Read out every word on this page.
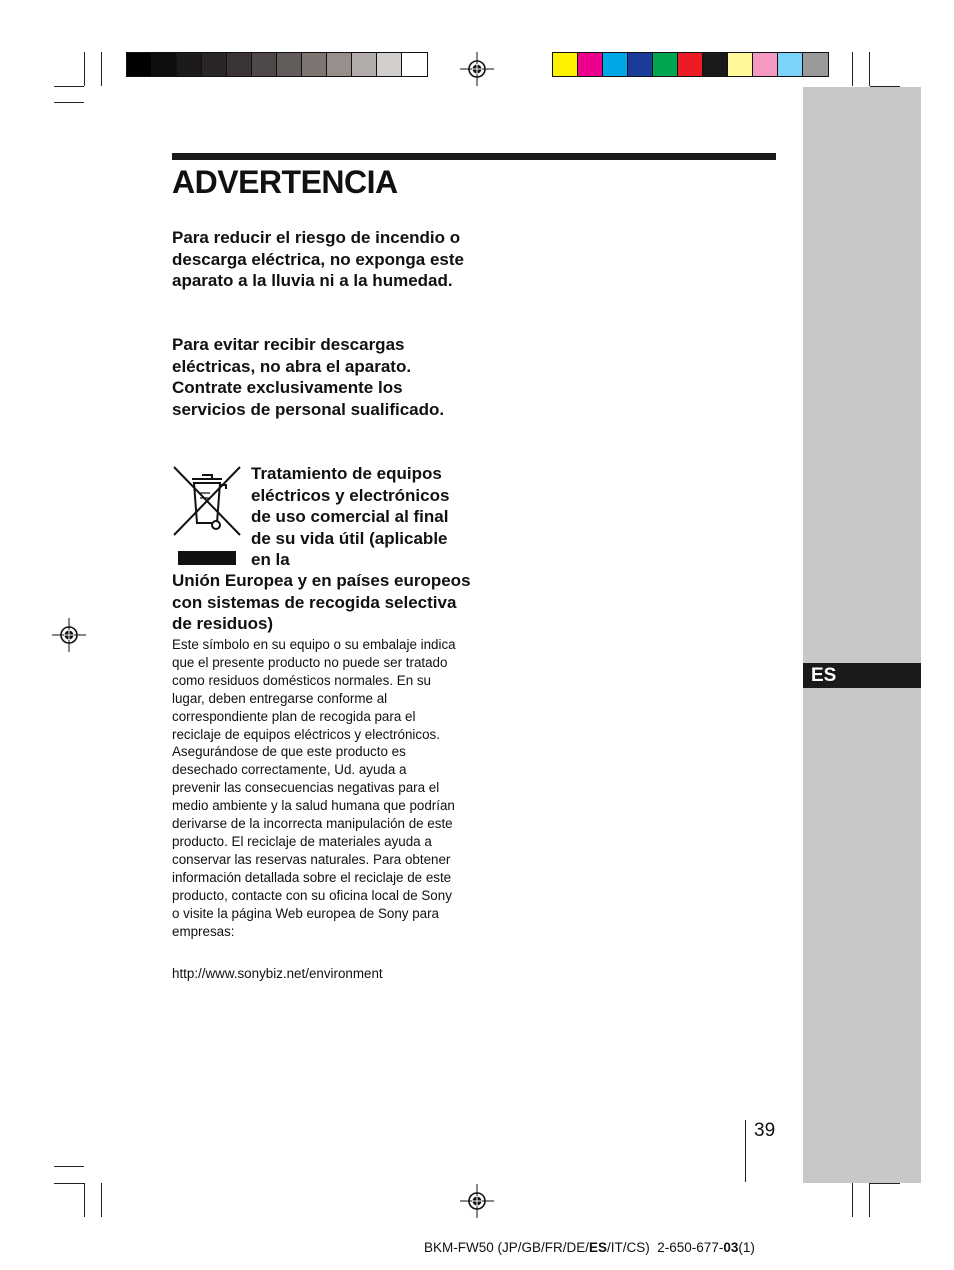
ES
ADVERTENCIA

Para reducir el riesgo de incendio o descarga eléctrica, no exponga este aparato a la lluvia ni a la humedad.

Para evitar recibir descargas eléctricas, no abra el aparato. Contrate exclusivamente los servicios de personal sualificado.

Tratamiento de equipos eléctricos y electrónicos de uso comercial al final de su vida útil (aplicable en la

Unión Europea y en países europeos con sistemas de recogida selectiva de residuos)

Este símbolo en su equipo o su embalaje indica que el presente producto no puede ser tratado como residuos domésticos normales. En su lugar, deben entregarse conforme al correspondiente plan de recogida para el reciclaje de equipos eléctricos y electrónicos. Asegurándose de que este producto es desechado correctamente, Ud. ayuda a prevenir las consecuencias negativas para el medio ambiente y la salud humana que podrían derivarse de la incorrecta manipulación de este producto. El reciclaje de materiales ayuda a conservar las reservas naturales. Para obtener información detallada sobre el reciclaje de este producto, contacte con su oficina local de Sony o visite la página Web europea de Sony para empresas:

http://www.sonybiz.net/environment

39
BKM-FW50 (JP/GB/FR/DE/ES/IT/CS)  2-650-677-03(1)
